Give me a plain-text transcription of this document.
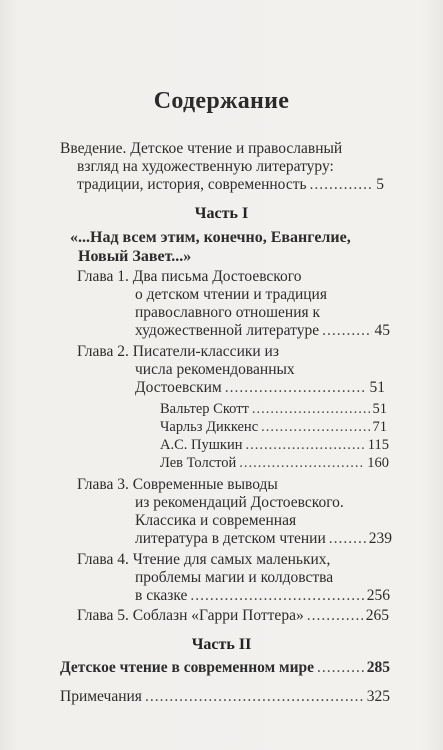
Содержание
Введение. Детское чтение и православный
взгляд на художественную литературу:
традиции, история, современность .....	5
Часть I
«...Над всем этим, конечно, Евангелие,
Новый Завет...»
Глава 1. Два письма Достоевского
о детском чтении и традиция
православного отношения к
художественной литературе .....	45
Глава 2. Писатели-классики из
числа рекомендованных
Достоевским .....	51
Вальтер Скотт .....	51
Чарльз Диккенс .....	71
А.С. Пушкин .....	115
Лев Толстой .....	160
Глава 3. Современные выводы
из рекомендаций Достоевского.
Классика и современная
литература в детском чтении .....	239
Глава 4. Чтение для самых маленьких,
проблемы магии и колдовства
в сказке .....	256
Глава 5. Соблазн «Гарри Поттера» .....	265
Часть II
Детское чтение в современном мире .....	285
Примечания .....	325
